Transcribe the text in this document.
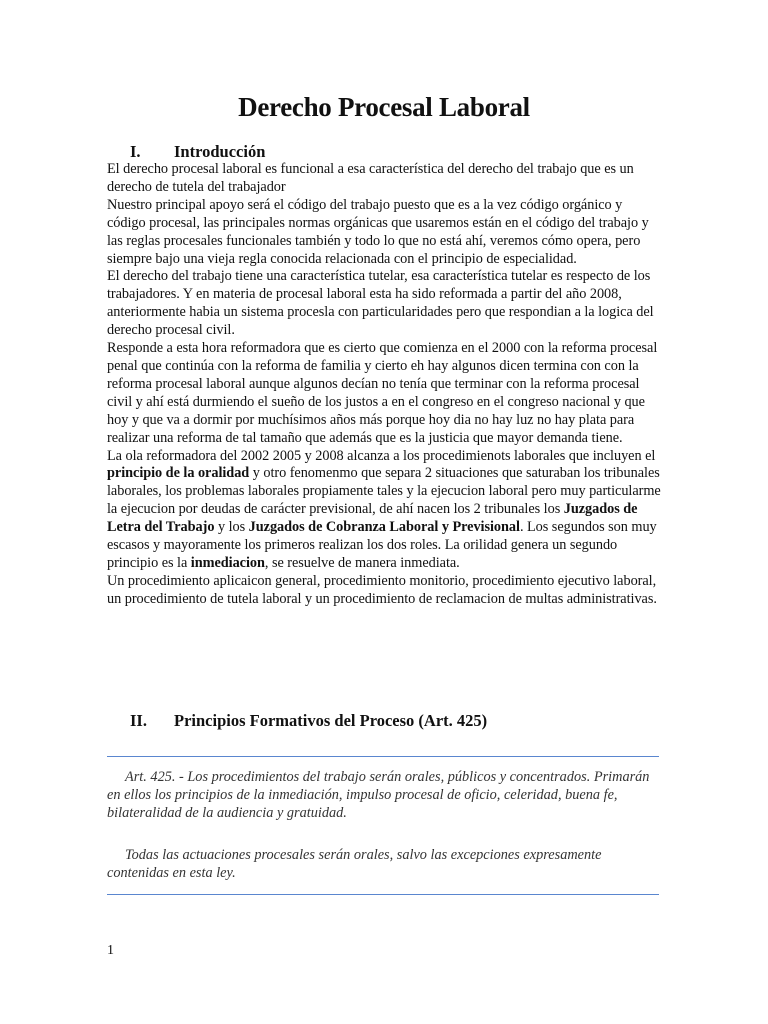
Derecho Procesal Laboral
I. Introducción

El derecho procesal laboral es funcional a esa característica del derecho del trabajo que es un derecho de tutela del trabajador

Nuestro principal apoyo será el código del trabajo puesto que es a la vez código orgánico y código procesal, las principales normas orgánicas que usaremos están en el código del trabajo y las reglas procesales funcionales también y todo lo que no está ahí, veremos cómo opera, pero siempre bajo una vieja regla conocida relacionada con el principio de especialidad.

El derecho del trabajo tiene una característica tutelar, esa característica tutelar es respecto de los trabajadores. Y en materia de procesal laboral esta ha sido reformada a partir del año 2008, anteriormente habia un sistema procesla con particularidades pero que respondian a la logica del derecho procesal civil.

Responde a esta hora reformadora que es cierto que comienza en el 2000 con la reforma procesal penal que continúa con la reforma de familia y cierto eh hay algunos dicen termina con con la reforma procesal laboral aunque algunos decían no tenía que terminar con la reforma procesal civil y ahí está durmiendo el sueño de los justos a en el congreso en el congreso nacional y que hoy y que va a dormir por muchísimos años más porque hoy dia no hay luz no hay plata para realizar una reforma de tal tamaño que además que es la justicia que mayor demanda tiene.

La ola reformadora del 2002 2005 y 2008 alcanza a los procedimienots laborales que incluyen el principio de la oralidad y otro fenomenmo que separa 2 situaciones que saturaban los tribunales laborales, los problemas laborales propiamente tales y la ejecucion laboral pero muy particularme la ejecucion por deudas de carácter previsional, de ahí nacen los 2 tribunales los Juzgados de Letra del Trabajo y los Juzgados de Cobranza Laboral y Previsional. Los segundos son muy escasos y mayoramente los primeros realizan los dos roles. La orilidad genera un segundo principio es la inmediacion, se resuelve de manera inmediata.

Un procedimiento aplicaicon general, procedimiento monitorio, procedimiento ejecutivo laboral, un procedimiento de tutela laboral y un procedimiento de reclamacion de multas administrativas.

II. Principios Formativos del Proceso (Art. 425)

Art. 425. - Los procedimientos del trabajo serán orales, públicos y concentrados. Primarán en ellos los principios de la inmediación, impulso procesal de oficio, celeridad, buena fe, bilateralidad de la audiencia y gratuidad.

Todas las actuaciones procesales serán orales, salvo las excepciones expresamente contenidas en esta ley.

1
